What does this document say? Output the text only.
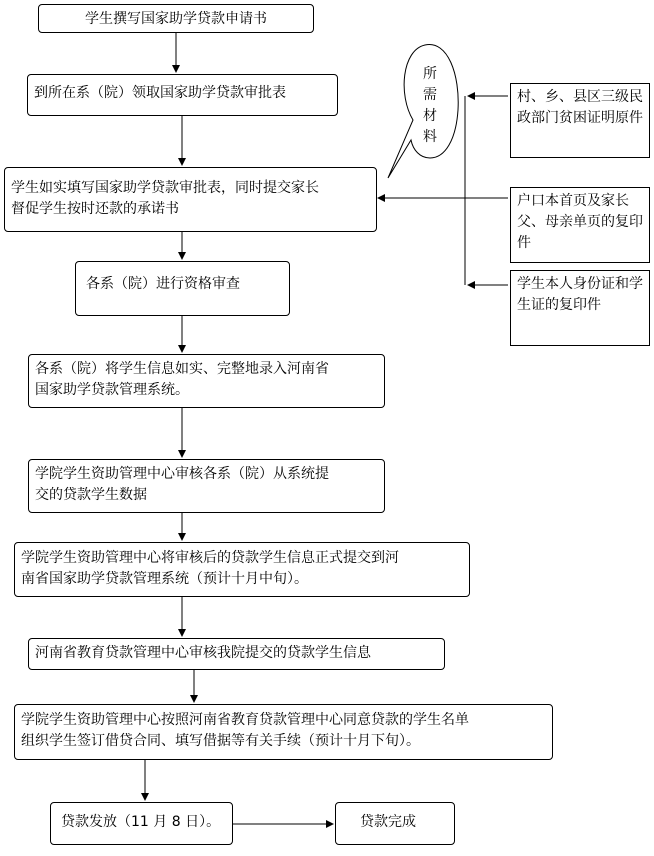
学生撰写国家助学贷款申请书
到所在系（院）领取国家助学贷款审批表
学生如实填写国家助学贷款审批表，同时提交家长
督促学生按时还款的承诺书
各系（院）进行资格审查
各系（院）将学生信息如实、完整地录入河南省
国家助学贷款管理系统。
学院学生资助管理中心审核各系（院）从系统提
交的贷款学生数据
学院学生资助管理中心将审核后的贷款学生信息正式提交到河
南省国家助学贷款管理系统（预计十月中旬）。
河南省教育贷款管理中心审核我院提交的贷款学生信息
学院学生资助管理中心按照河南省教育贷款管理中心同意贷款的学生名单
组织学生签订借贷合同、填写借据等有关手续（预计十月下旬）。
贷款发放（11 月 8 日）。	贷款完成
所
需
材
料
村、乡、县区三级民政部门贫困证明原件
户口本首页及家长父、母亲单页的复印件
学生本人身份证和学生证的复印件
